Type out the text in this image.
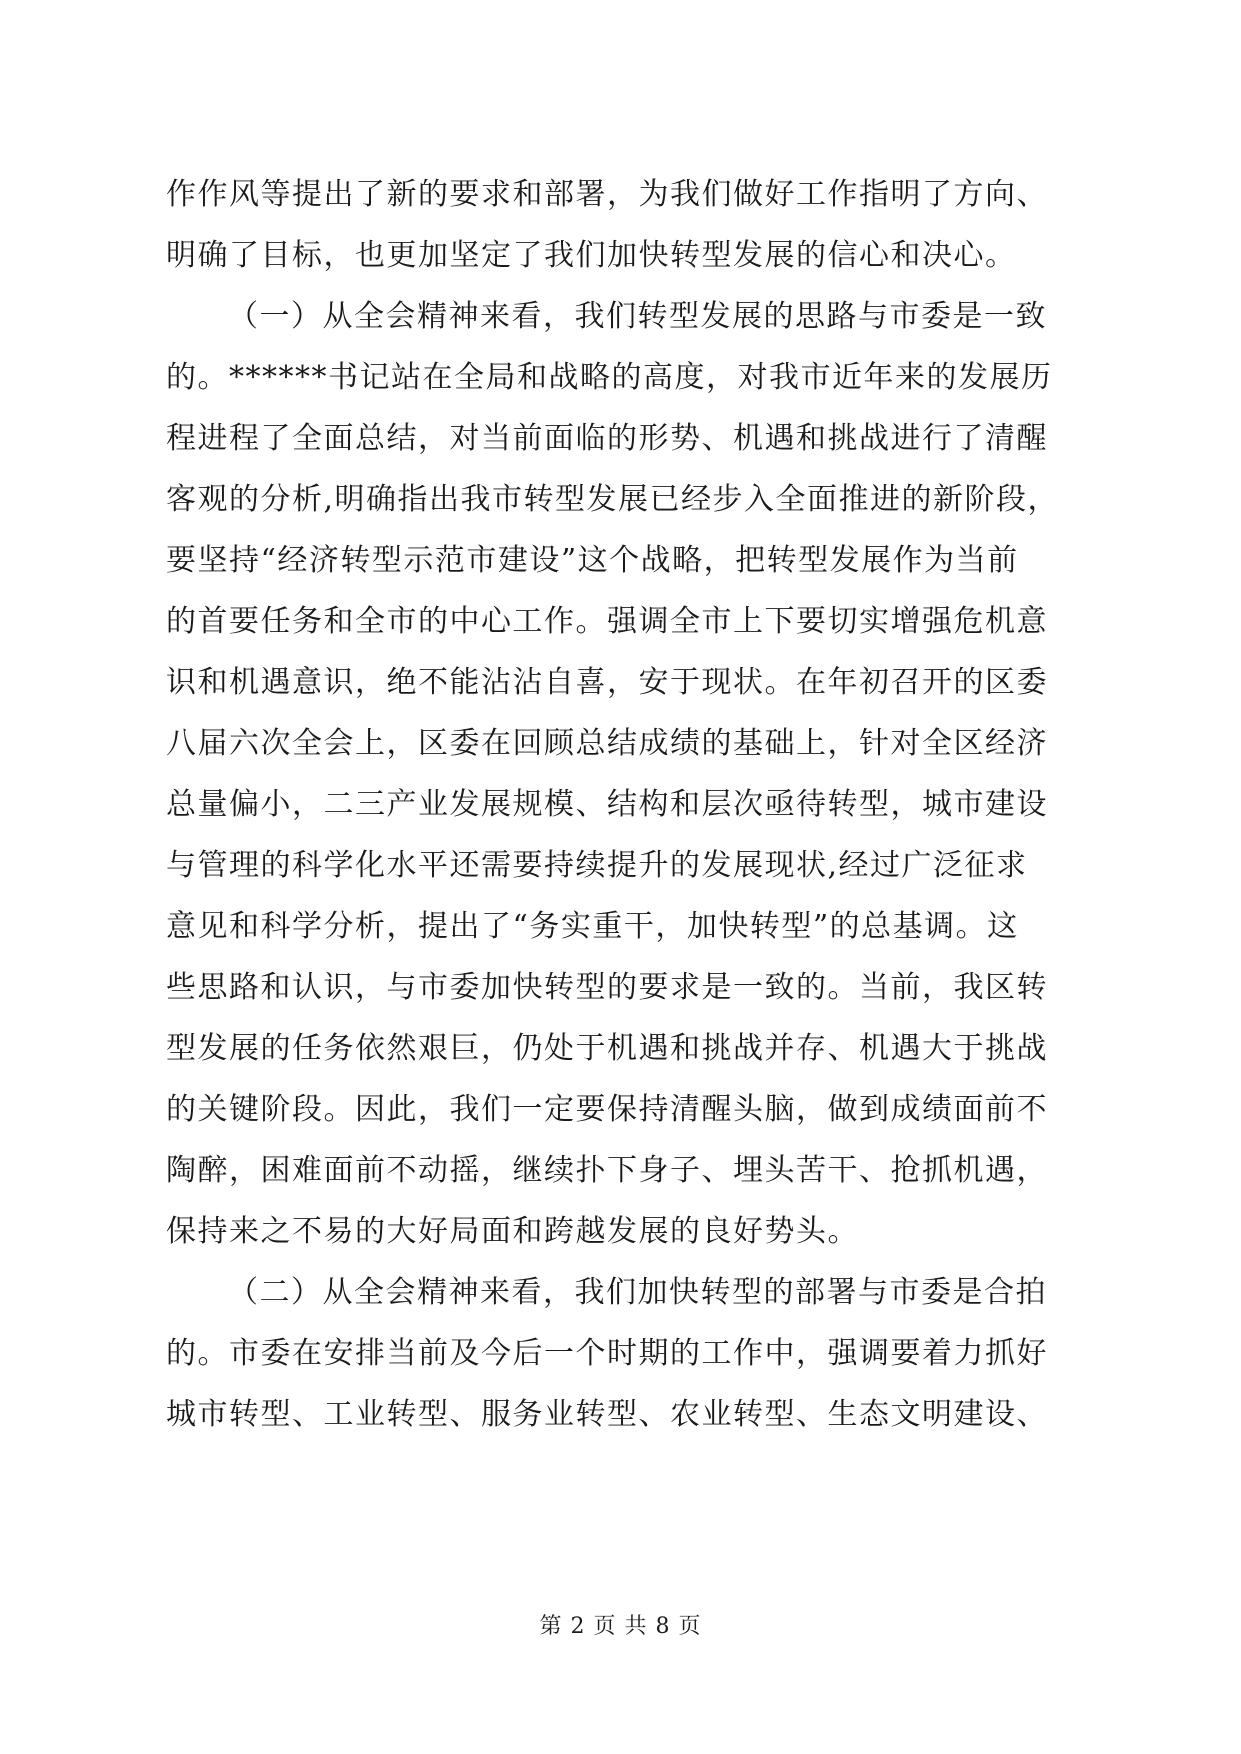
作作风等提出了新的要求和部署，为我们做好工作指明了方向、
明确了目标，也更加坚定了我们加快转型发展的信心和决心。
（一）从全会精神来看，我们转型发展的思路与市委是一致
的。******书记站在全局和战略的高度，对我市近年来的发展历
程进程了全面总结，对当前面临的形势、机遇和挑战进行了清醒
客观的分析,明确指出我市转型发展已经步入全面推进的新阶段，
要坚持“经济转型示范市建设”这个战略，把转型发展作为当前
的首要任务和全市的中心工作。强调全市上下要切实增强危机意
识和机遇意识，绝不能沾沾自喜，安于现状。在年初召开的区委
八届六次全会上，区委在回顾总结成绩的基础上，针对全区经济
总量偏小，二三产业发展规模、结构和层次亟待转型，城市建设
与管理的科学化水平还需要持续提升的发展现状,经过广泛征求
意见和科学分析，提出了“务实重干，加快转型”的总基调。这
些思路和认识，与市委加快转型的要求是一致的。当前，我区转
型发展的任务依然艰巨，仍处于机遇和挑战并存、机遇大于挑战
的关键阶段。因此，我们一定要保持清醒头脑，做到成绩面前不
陶醉，困难面前不动摇，继续扑下身子、埋头苦干、抢抓机遇，
保持来之不易的大好局面和跨越发展的良好势头。
（二）从全会精神来看，我们加快转型的部署与市委是合拍
的。市委在安排当前及今后一个时期的工作中，强调要着力抓好
城市转型、工业转型、服务业转型、农业转型、生态文明建设、
第 2 页 共 8 页
